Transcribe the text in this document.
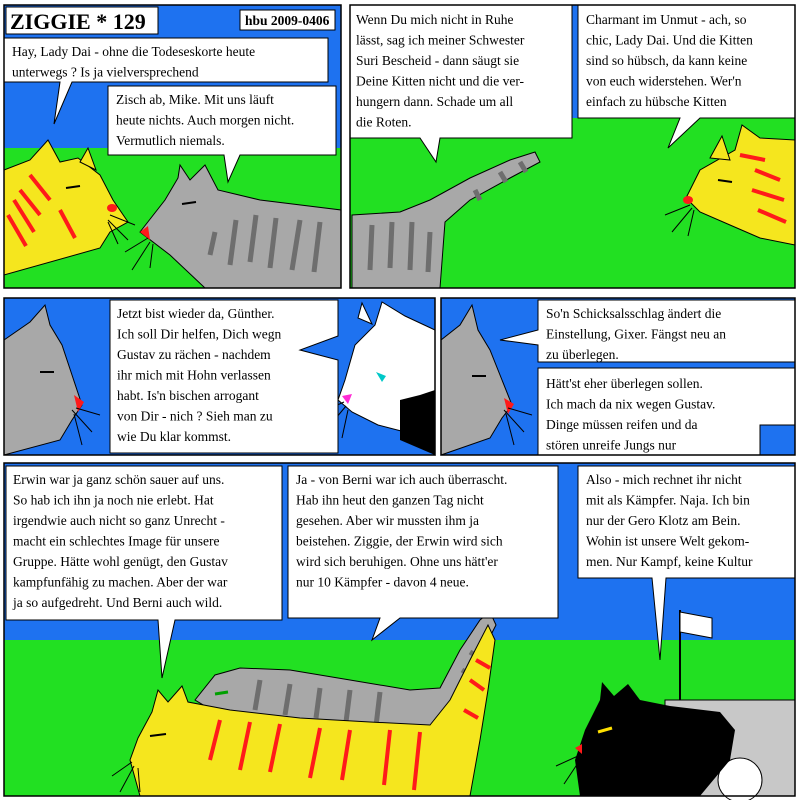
ZIGGIE * 129	hbu 2009-0406
Hay, Lady Dai - ohne die Todeseskorte heute unterwegs ? Is ja vielversprechend
Zisch ab, Mike. Mit uns läuft heute nichts. Auch morgen nicht. Vermutlich niemals.
Wenn Du mich nicht in Ruhe lässt, sag ich meiner Schwester Suri Bescheid - dann säugt sie Deine Kitten nicht und die ver- hungern dann. Schade um all die Roten.
Charmant im Unmut - ach, so chic, Lady Dai. Und die Kitten sind so hübsch, da kann keine von euch widerstehen. Wer'n einfach zu hübsche Kitten
Jetzt bist wieder da, Günther. Ich soll Dir helfen, Dich wegn Gustav zu rächen - nachdem ihr mich mit Hohn verlassen habt. Is'n bischen arrogant von Dir - nich ? Sieh man zu wie Du klar kommst.
So'n Schicksalsschlag ändert die Einstellung, Gixer. Fängst neu an zu überlegen.
Hätt'st eher überlegen sollen. Ich mach da nix wegen Gustav. Dinge müssen reifen und da stören unreife Jungs nur
Erwin war ja ganz schön sauer auf uns. So hab ich ihn ja noch nie erlebt. Hat irgendwie auch nicht so ganz Unrecht - macht ein schlechtes Image für unsere Gruppe. Hätte wohl genügt, den Gustav kampfunfähig zu machen. Aber der war ja so aufgedreht. Und Berni auch wild.
Ja - von Berni war ich auch überrascht. Hab ihn heut den ganzen Tag nicht gesehen. Aber wir mussten ihm ja beistehen. Ziggie, der Erwin wird sich wird sich beruhigen. Ohne uns hätt'er nur 10 Kämpfer - davon 4 neue.
Also - mich rechnet ihr nicht mit als Kämpfer. Naja. Ich bin nur der Gero Klotz am Bein. Wohin ist unsere Welt gekom- men. Nur Kampf, keine Kultur
